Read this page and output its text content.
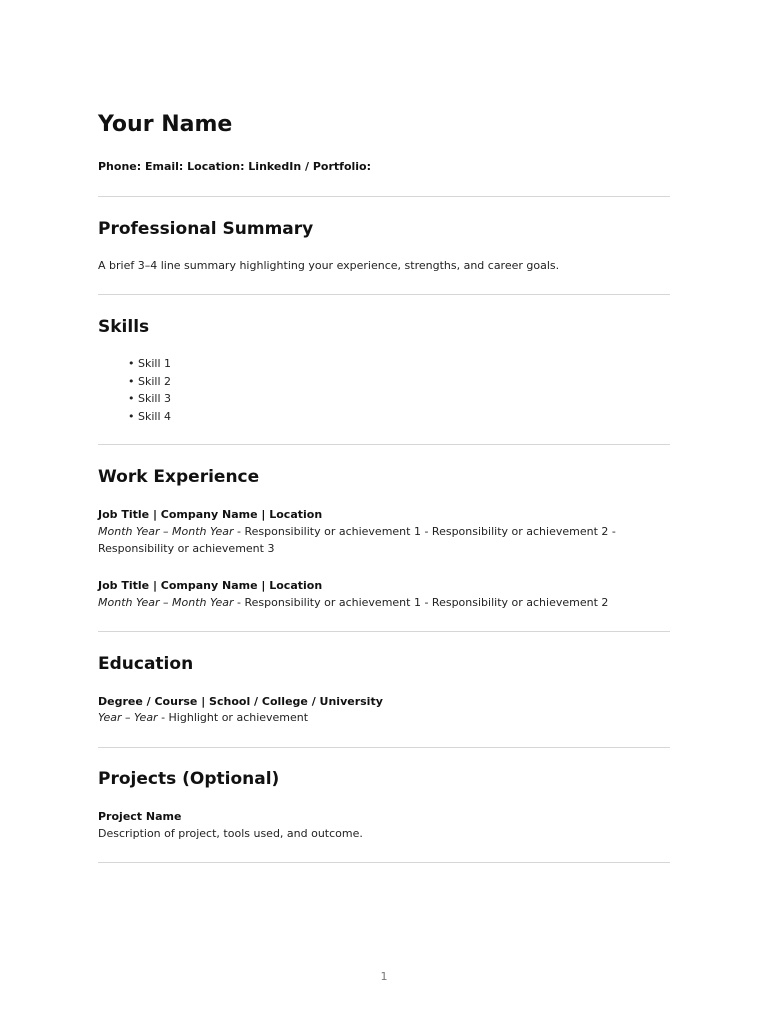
Your Name

Phone: Email: Location: LinkedIn / Portfolio:

Professional Summary

A brief 3–4 line summary highlighting your experience, strengths, and career goals.

Skills
• Skill 1
• Skill 2
• Skill 3
• Skill 4
Work Experience

Job Title | Company Name | Location

Month Year – Month Year - Responsibility or achievement 1 - Responsibility or achievement 2 - Responsibility or achievement 3

Job Title | Company Name | Location

Month Year – Month Year - Responsibility or achievement 1 - Responsibility or achievement 2

Education

Degree / Course | School / College / University

Year – Year - Highlight or achievement

Projects (Optional)

Project Name

Description of project, tools used, and outcome.

1
